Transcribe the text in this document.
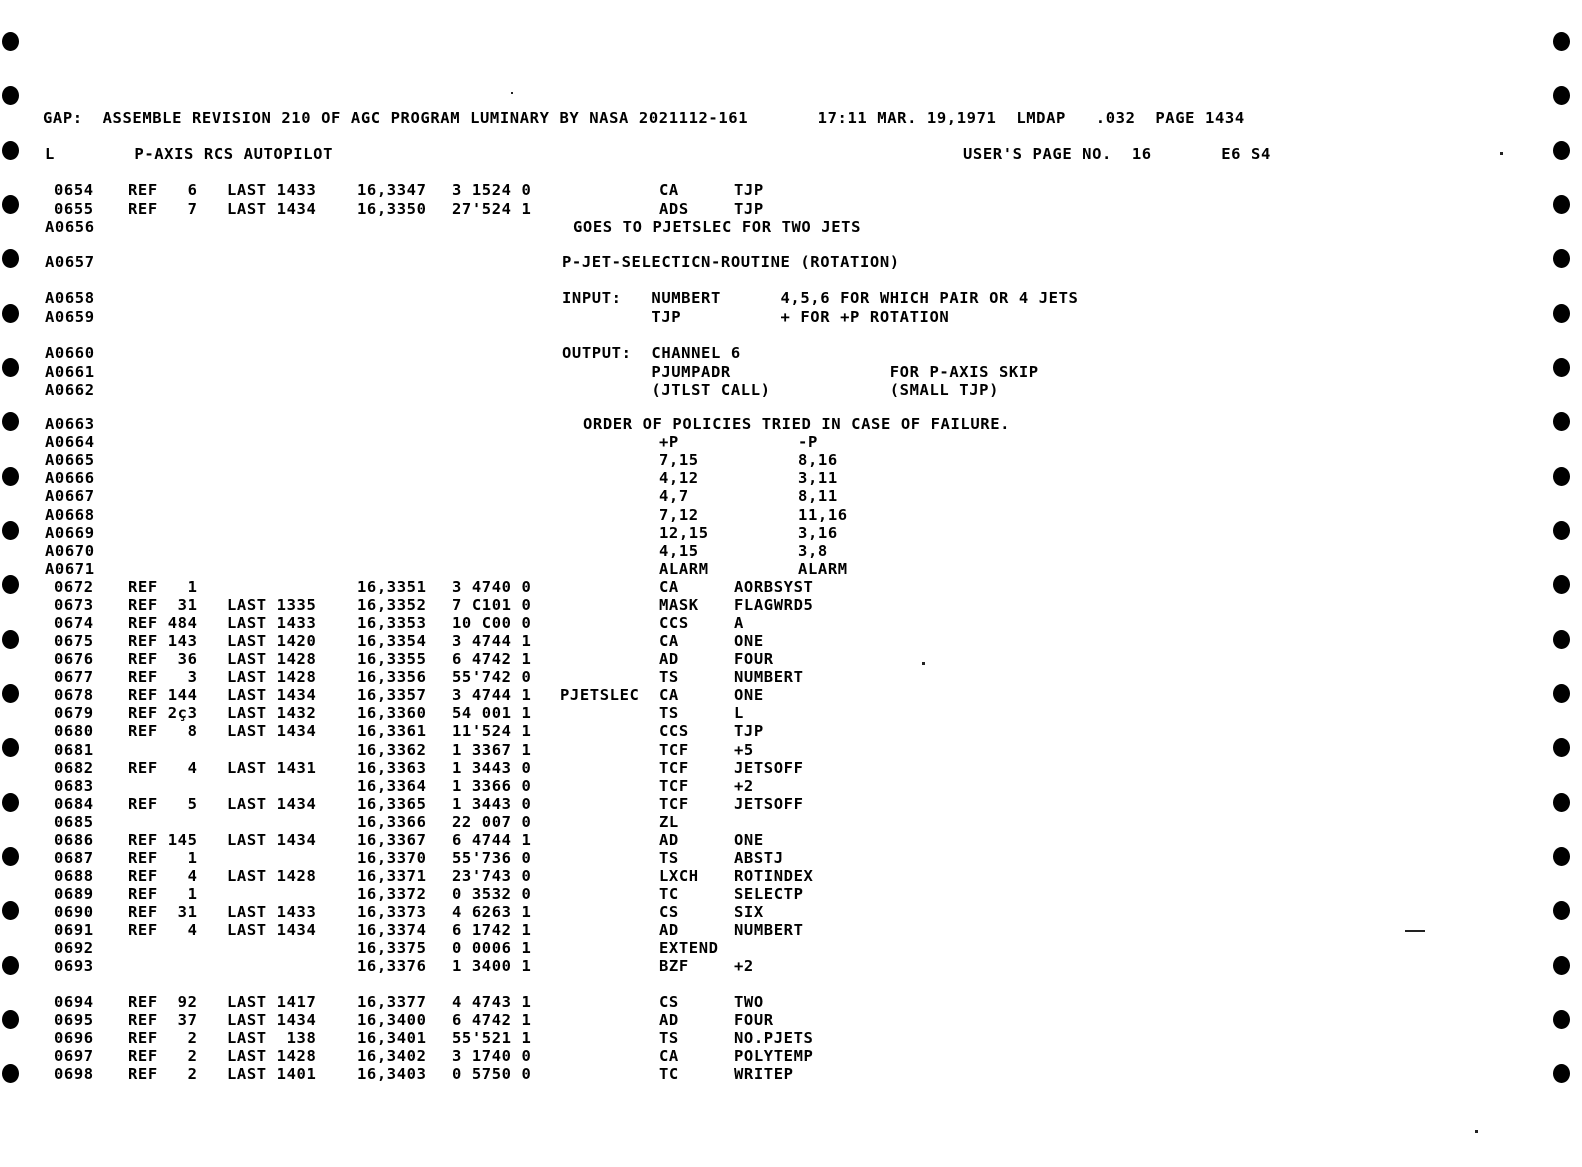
GAP:  ASSEMBLE REVISION 210 OF AGC PROGRAM LUMINARY BY NASA 2021112-161       17:11 MAR. 19,1971  LMDAP   .032  PAGE 1434
L        P-AXIS RCS AUTOPILOT	USER'S PAGE NO.  16       E6 S4
0654 REF   6 LAST 1433	16,3347 3 1524 0	CA	TJP
0655 REF   7 LAST 1434	16,3350 27'524 1	ADS	TJP
A0656	GOES TO PJETSLEC FOR TWO JETS
A0657	P-JET-SELECTICN-ROUTINE (ROTATION)
A0658	INPUT:   NUMBERT      4,5,6 FOR WHICH PAIR OR 4 JETS
A0659	TJP          + FOR +P ROTATION
A0660	OUTPUT:  CHANNEL 6
A0661	PJUMPADR                FOR P-AXIS SKIP
A0662	(JTLST CALL)            (SMALL TJP)
A0663	ORDER OF POLICIES TRIED IN CASE OF FAILURE.
A0664	+P            -P
A0665	7,15          8,16
A0666	4,12          3,11
A0667	4,7           8,11
A0668	7,12          11,16
A0669	12,15         3,16
A0670	4,15          3,8
A0671	ALARM         ALARM
0672 REF   1	16,3351 3 4740 0	CA	AORBSYST
0673 REF  31 LAST 1335	16,3352 7 C101 0	MASK FLAGWRD5
0674 REF 484 LAST 1433	16,3353 10 C00 0	CCS	A
0675 REF 143 LAST 1420	16,3354 3 4744 1	CA	ONE
0676 REF  36 LAST 1428	16,3355 6 4742 1	AD	FOUR
0677 REF   3 LAST 1428	16,3356 55'742 0	TS	NUMBERT
0678 REF 144 LAST 1434	16,3357 3 4744 1 PJETSLEC CA	ONE
0679 REF 2ç3 LAST 1432	16,3360 54 001 1	TS	L
0680 REF   8 LAST 1434	16,3361 11'524 1	CCS	TJP
0681	16,3362 1 3367 1	TCF	+5
0682 REF   4 LAST 1431	16,3363 1 3443 0	TCF	JETSOFF
0683	16,3364 1 3366 0	TCF	+2
0684 REF   5 LAST 1434	16,3365 1 3443 0	TCF	JETSOFF
0685	16,3366 22 007 0	ZL
0686 REF 145 LAST 1434	16,3367 6 4744 1	AD	ONE
0687 REF   1	16,3370 55'736 0	TS	ABSTJ
0688 REF   4 LAST 1428	16,3371 23'743 0	LXCH ROTINDEX
0689 REF   1	16,3372 0 3532 0	TC	SELECTP
0690 REF  31 LAST 1433	16,3373 4 6263 1	CS	SIX
0691 REF   4 LAST 1434	16,3374 6 1742 1	AD	NUMBERT
0692	16,3375 0 0006 1	EXTEND
0693	16,3376 1 3400 1	BZF	+2
0694 REF  92 LAST 1417	16,3377 4 4743 1	CS	TWO
0695 REF  37 LAST 1434	16,3400 6 4742 1	AD	FOUR
0696 REF   2 LAST  138	16,3401 55'521 1	TS	NO.PJETS
0697 REF   2 LAST 1428	16,3402 3 1740 0	CA	POLYTEMP
0698 REF   2 LAST 1401	16,3403 0 5750 0	TC	WRITEP
